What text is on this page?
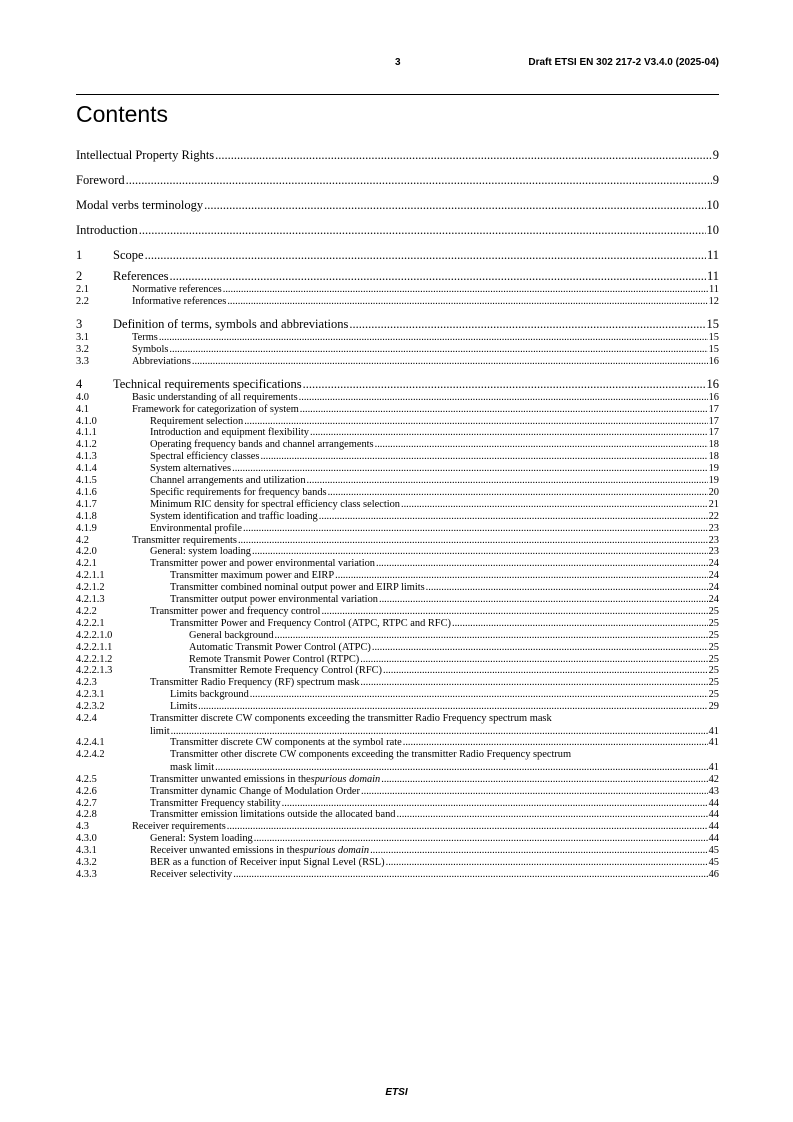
3	Draft ETSI EN 302 217-2 V3.4.0 (2025-04)
Contents
Intellectual Property Rights .....	9
Foreword .....	9
Modal verbs terminology .....	10
Introduction .....	10
1	Scope .....	11
2	References .....	11
2.1	Normative references .....	11
2.2	Informative references .....	12
3	Definition of terms, symbols and abbreviations .....	15
3.1	Terms .....	15
3.2	Symbols .....	15
3.3	Abbreviations .....	16
4	Technical requirements specifications .....	16
4.0	Basic understanding of all requirements .....	16
4.1	Framework for categorization of system .....	17
4.1.0	Requirement selection .....	17
4.1.1	Introduction and equipment flexibility .....	17
4.1.2	Operating frequency bands and channel arrangements .....	18
4.1.3	Spectral efficiency classes .....	18
4.1.4	System alternatives .....	19
4.1.5	Channel arrangements and utilization .....	19
4.1.6	Specific requirements for frequency bands .....	20
4.1.7	Minimum RIC density for spectral efficiency class selection .....	21
4.1.8	System identification and traffic loading .....	22
4.1.9	Environmental profile .....	23
4.2	Transmitter requirements .....	23
4.2.0	General: system loading .....	23
4.2.1	Transmitter power and power environmental variation .....	24
4.2.1.1	Transmitter maximum power and EIRP .....	24
4.2.1.2	Transmitter combined nominal output power and EIRP limits .....	24
4.2.1.3	Transmitter output power environmental variation .....	24
4.2.2	Transmitter power and frequency control .....	25
4.2.2.1	Transmitter Power and Frequency Control (ATPC, RTPC and RFC) .....	25
4.2.2.1.0	General background .....	25
4.2.2.1.1	Automatic Transmit Power Control (ATPC) .....	25
4.2.2.1.2	Remote Transmit Power Control (RTPC) .....	25
4.2.2.1.3	Transmitter Remote Frequency Control (RFC) .....	25
4.2.3	Transmitter Radio Frequency (RF) spectrum mask .....	25
4.2.3.1	Limits background .....	25
4.2.3.2	Limits .....	29
4.2.4	Transmitter discrete CW components exceeding the transmitter Radio Frequency spectrum mask
limit .....	41
4.2.4.1	Transmitter discrete CW components at the symbol rate .....	41
4.2.4.2	Transmitter other discrete CW components exceeding the transmitter Radio Frequency spectrum
mask limit .....	41
4.2.5	Transmitter unwanted emissions in the spurious domain .....	42
4.2.6	Transmitter dynamic Change of Modulation Order .....	43
4.2.7	Transmitter Frequency stability .....	44
4.2.8	Transmitter emission limitations outside the allocated band .....	44
4.3	Receiver requirements .....	44
4.3.0	General: System loading .....	44
4.3.1	Receiver unwanted emissions in the spurious domain .....	45
4.3.2	BER as a function of Receiver input Signal Level (RSL) .....	45
4.3.3	Receiver selectivity .....	46
ETSI
